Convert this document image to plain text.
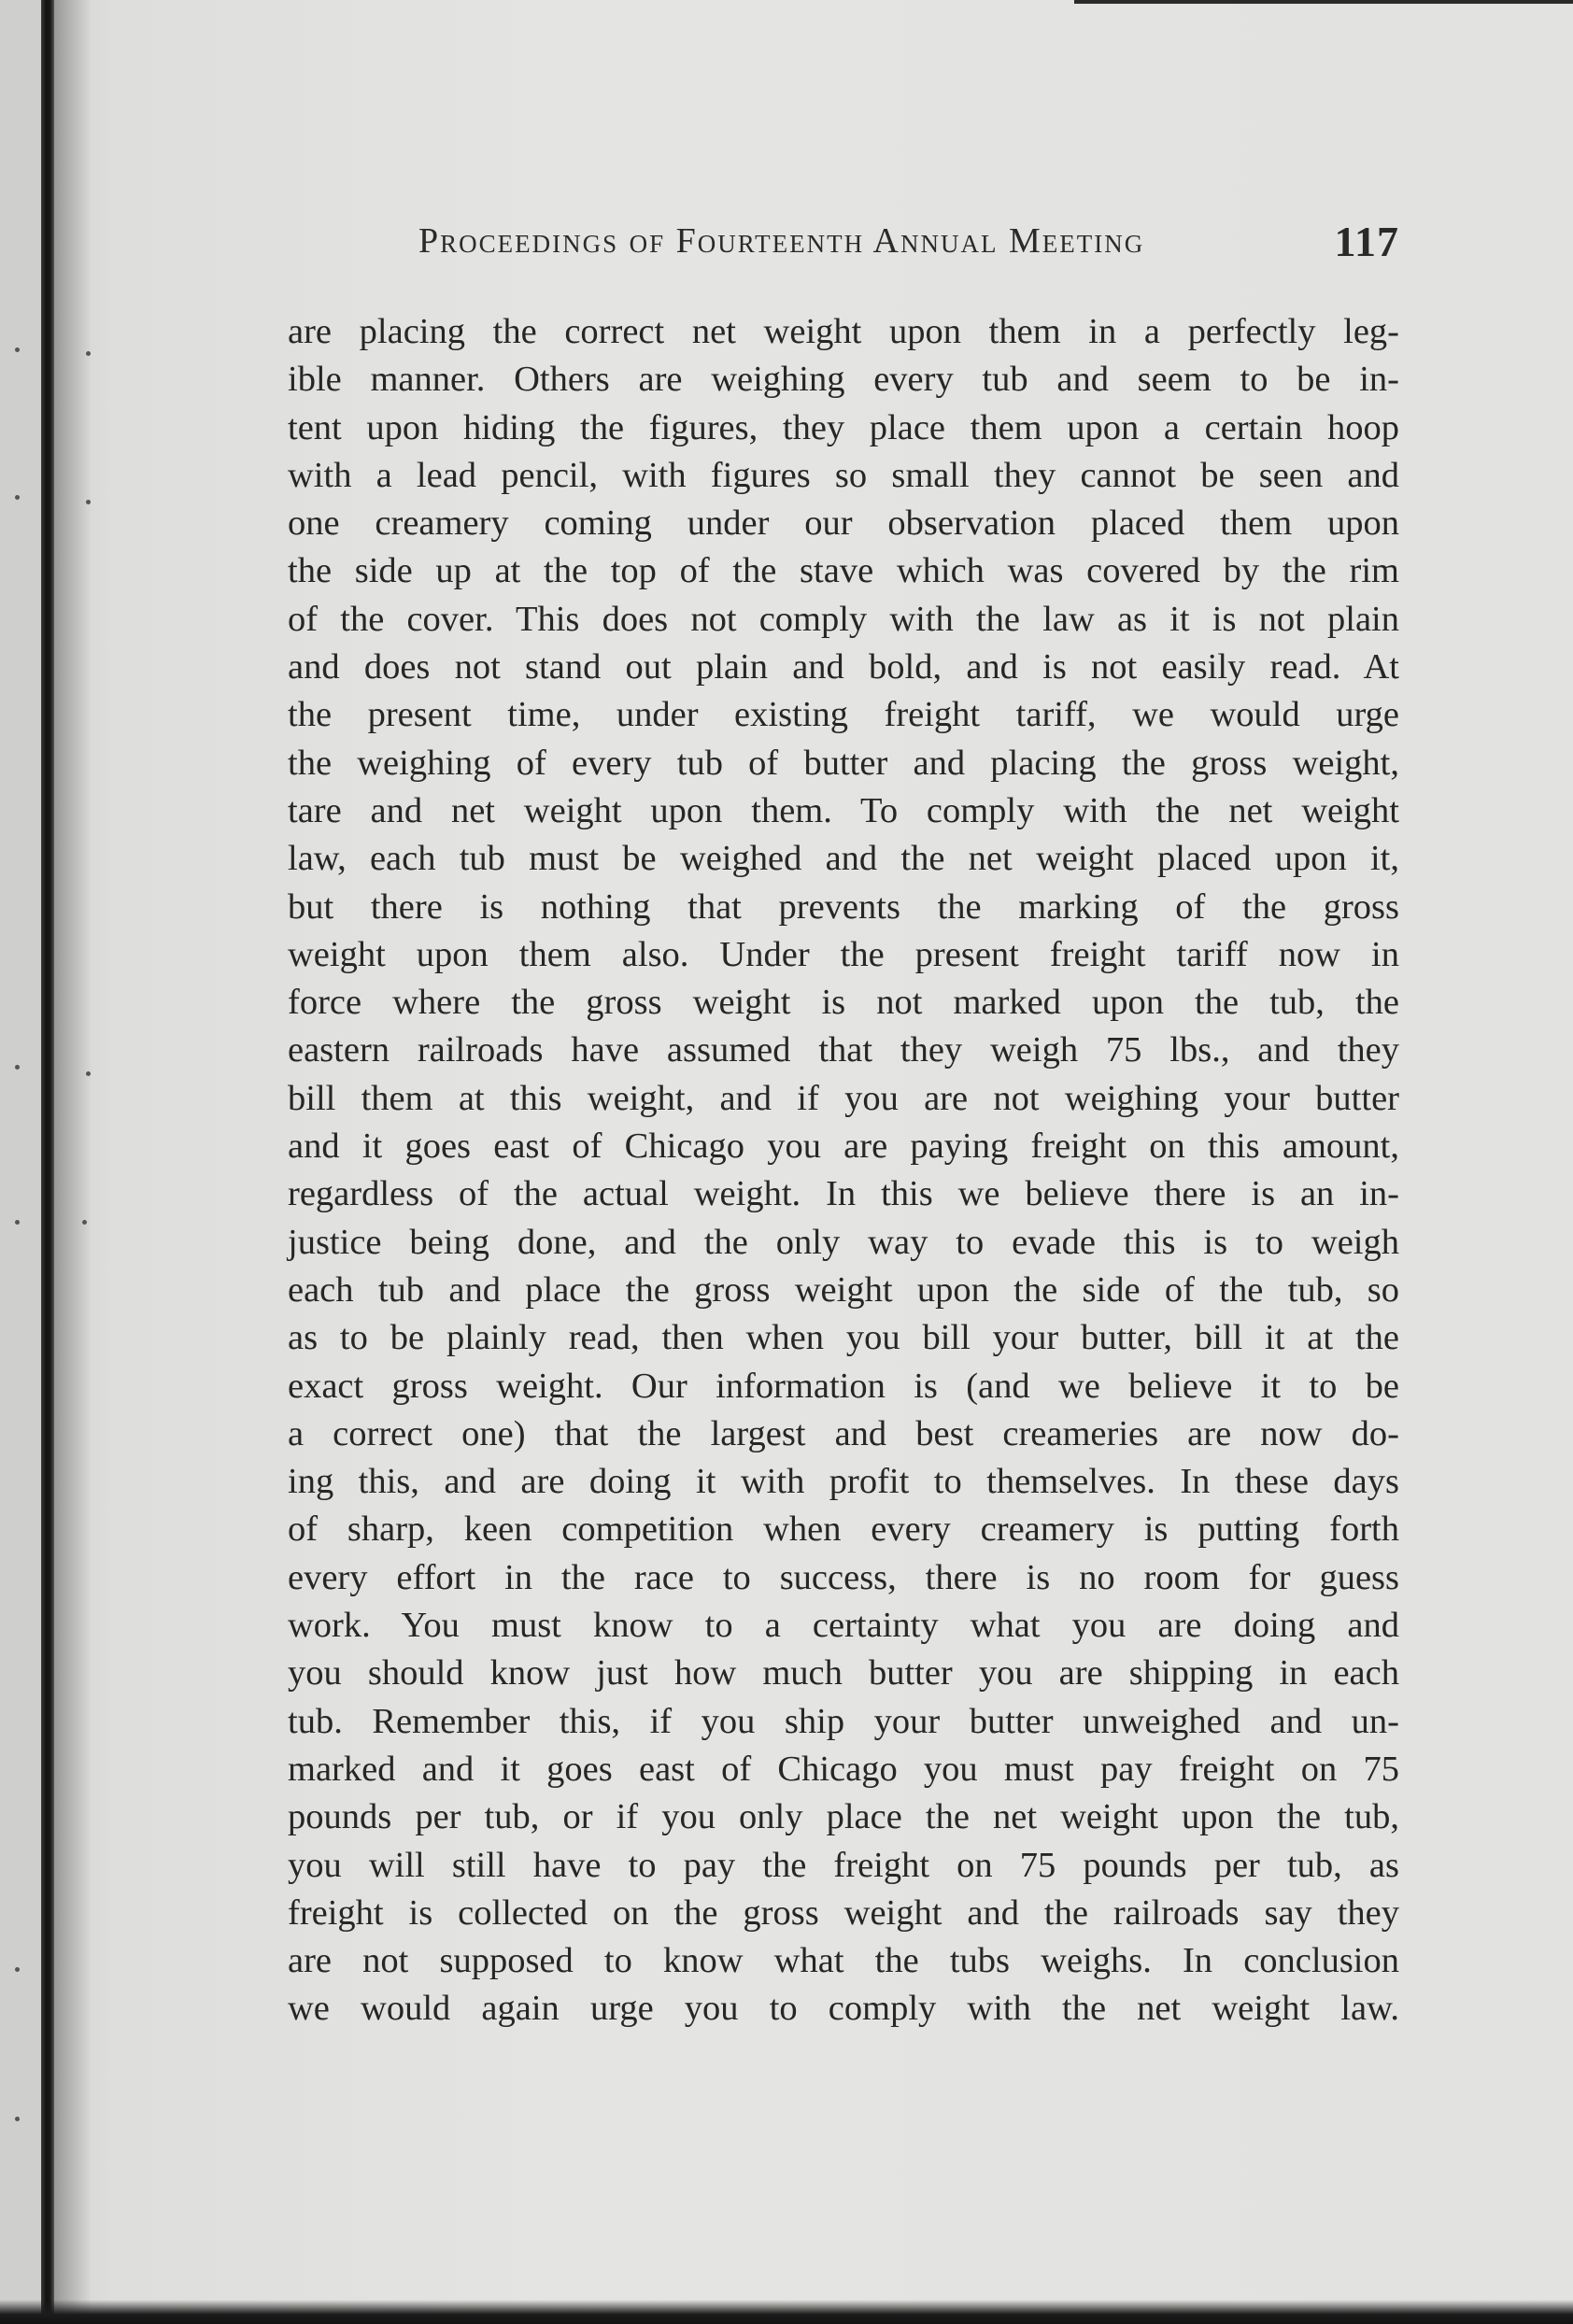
Proceedings of Fourteenth Annual Meeting	117
are placing the correct net weight upon them in a perfectly leg-
ible manner. Others are weighing every tub and seem to be in-
tent upon hiding the figures, they place them upon a certain hoop
with a lead pencil, with figures so small they cannot be seen and
one creamery coming under our observation placed them upon
the side up at the top of the stave which was covered by the rim
of the cover. This does not comply with the law as it is not plain
and does not stand out plain and bold, and is not easily read. At
the present time, under existing freight tariff, we would urge
the weighing of every tub of butter and placing the gross weight,
tare and net weight upon them. To comply with the net weight
law, each tub must be weighed and the net weight placed upon it,
but there is nothing that prevents the marking of the gross
weight upon them also. Under the present freight tariff now in
force where the gross weight is not marked upon the tub, the
eastern railroads have assumed that they weigh 75 lbs., and they
bill them at this weight, and if you are not weighing your butter
and it goes east of Chicago you are paying freight on this amount,
regardless of the actual weight. In this we believe there is an in-
justice being done, and the only way to evade this is to weigh
each tub and place the gross weight upon the side of the tub, so
as to be plainly read, then when you bill your butter, bill it at the
exact gross weight. Our information is (and we believe it to be
a correct one) that the largest and best creameries are now do-
ing this, and are doing it with profit to themselves. In these days
of sharp, keen competition when every creamery is putting forth
every effort in the race to success, there is no room for guess
work. You must know to a certainty what you are doing and
you should know just how much butter you are shipping in each
tub. Remember this, if you ship your butter unweighed and un-
marked and it goes east of Chicago you must pay freight on 75
pounds per tub, or if you only place the net weight upon the tub,
you will still have to pay the freight on 75 pounds per tub, as
freight is collected on the gross weight and the railroads say they
are not supposed to know what the tubs weighs. In conclusion
we would again urge you to comply with the net weight law.
